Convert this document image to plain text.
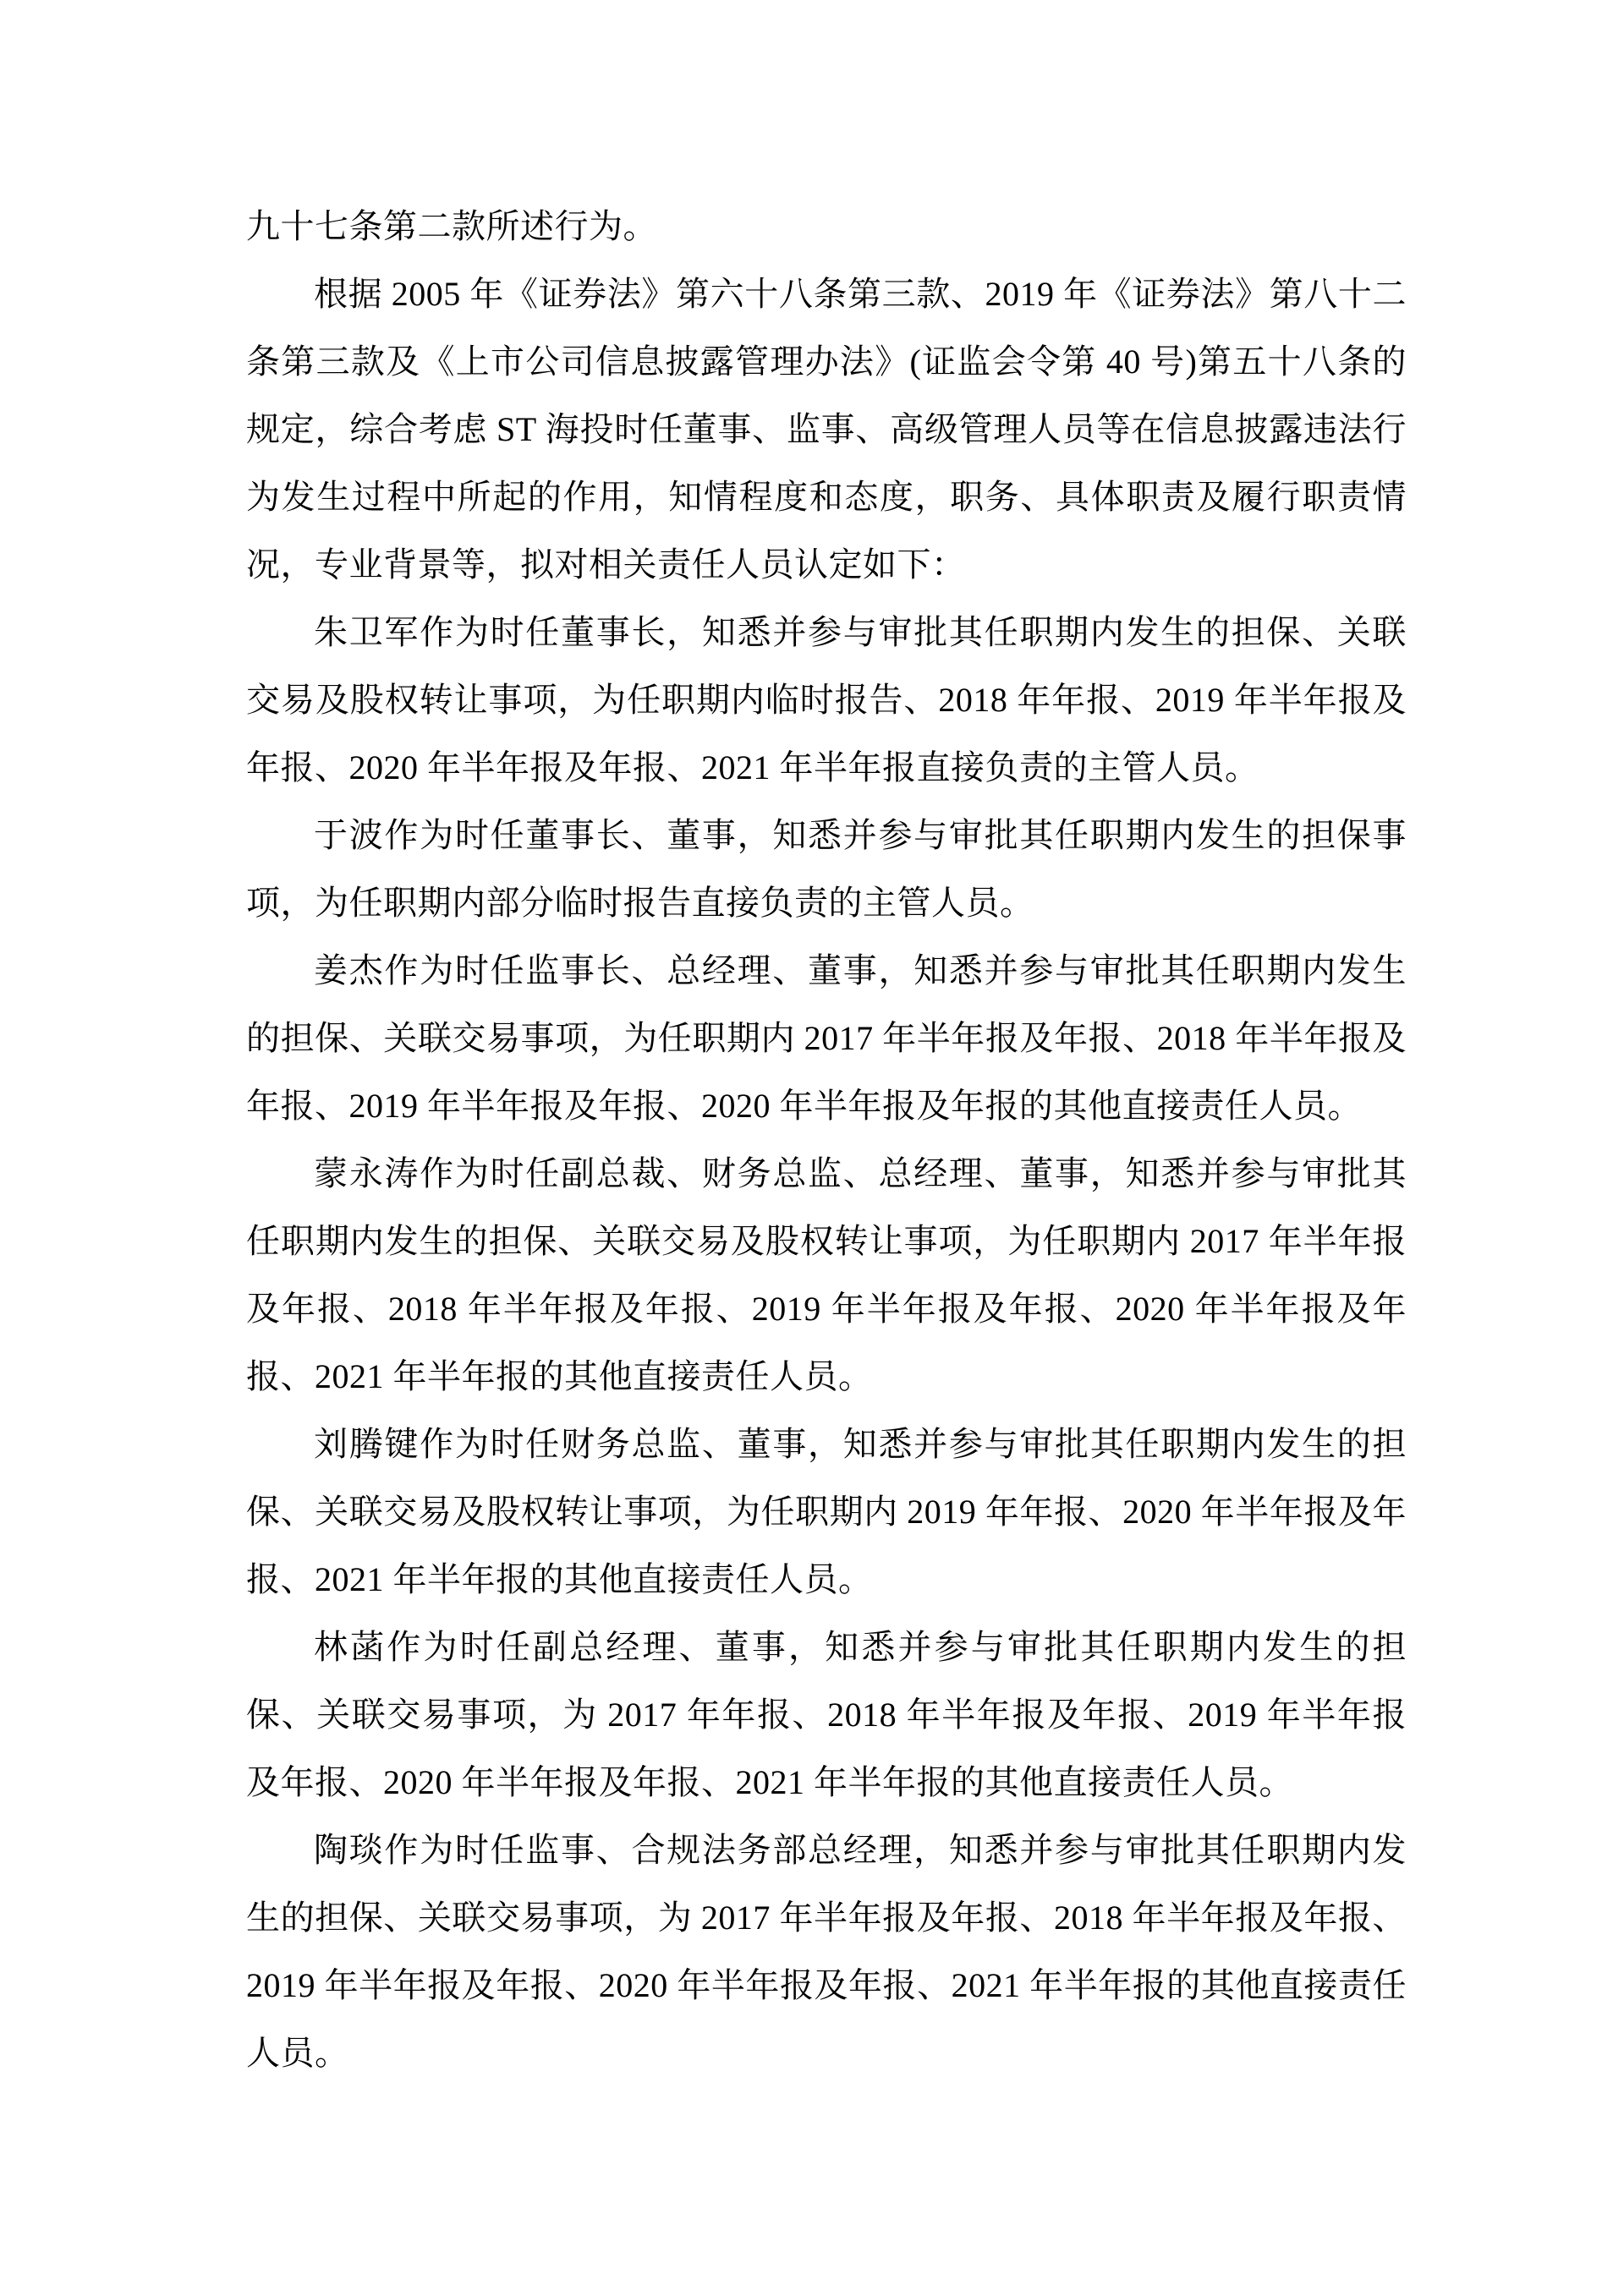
九十七条第二款所述行为。

根据 2005 年《证券法》第六十八条第三款、2019 年《证券法》第八十二条第三款及《上市公司信息披露管理办法》(证监会令第 40 号)第五十八条的规定，综合考虑 ST 海投时任董事、监事、高级管理人员等在信息披露违法行为发生过程中所起的作用，知情程度和态度，职务、具体职责及履行职责情况，专业背景等，拟对相关责任人员认定如下：

朱卫军作为时任董事长，知悉并参与审批其任职期内发生的担保、关联交易及股权转让事项，为任职期内临时报告、2018 年年报、2019 年半年报及年报、2020 年半年报及年报、2021 年半年报直接负责的主管人员。

于波作为时任董事长、董事，知悉并参与审批其任职期内发生的担保事项，为任职期内部分临时报告直接负责的主管人员。

姜杰作为时任监事长、总经理、董事，知悉并参与审批其任职期内发生的担保、关联交易事项，为任职期内 2017 年半年报及年报、2018 年半年报及年报、2019 年半年报及年报、2020 年半年报及年报的其他直接责任人员。

蒙永涛作为时任副总裁、财务总监、总经理、董事，知悉并参与审批其任职期内发生的担保、关联交易及股权转让事项，为任职期内 2017 年半年报及年报、2018 年半年报及年报、2019 年半年报及年报、2020 年半年报及年报、2021 年半年报的其他直接责任人员。

刘腾键作为时任财务总监、董事，知悉并参与审批其任职期内发生的担保、关联交易及股权转让事项，为任职期内 2019 年年报、2020 年半年报及年报、2021 年半年报的其他直接责任人员。

林菡作为时任副总经理、董事，知悉并参与审批其任职期内发生的担保、关联交易事项，为 2017 年年报、2018 年半年报及年报、2019 年半年报及年报、2020 年半年报及年报、2021 年半年报的其他直接责任人员。

陶琰作为时任监事、合规法务部总经理，知悉并参与审批其任职期内发生的担保、关联交易事项，为 2017 年半年报及年报、2018 年半年报及年报、2019 年半年报及年报、2020 年半年报及年报、2021 年半年报的其他直接责任人员。
